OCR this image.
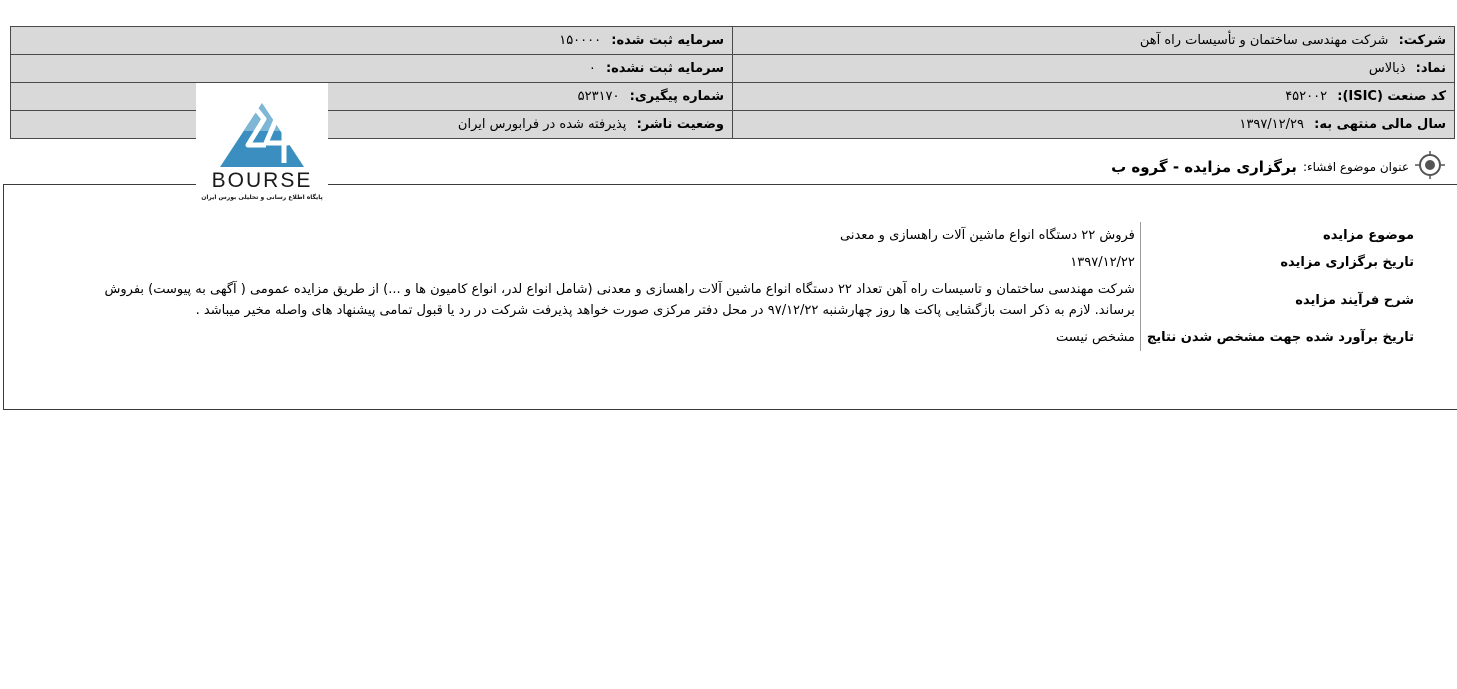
شرکت: شرکت مهندسی ساختمان و تأسیسات راه آهن	سرمایه ثبت شده: ۱۵۰۰۰۰
نماد: ذبالاس	سرمایه ثبت نشده: ۰
کد صنعت (ISIC): ۴۵۲۰۰۲	شماره پیگیری: ۵۲۳۱۷۰
سال مالی منتهی به: ۱۳۹۷/۱۲/۲۹	وضعیت ناشر: پذیرفته شده در فرابورس ایران
BOURSE
پایگاه اطلاع رسانی و تحلیلی بورس ایران
عنوان موضوع افشاء:
برگزاری مزایده - گروه ب
موضوع مزایده	فروش ۲۲ دستگاه انواع ماشین آلات راهسازی و معدنی
تاریخ برگزاری مزایده	۱۳۹۷/۱۲/۲۲
شرح فرآیند مزایده	شرکت مهندسی ساختمان و تاسیسات راه آهن تعداد ۲۲ دستگاه انواع ماشین آلات راهسازی و معدنی (شامل انواع لدر، انواع کامیون ها و ...) از طریق مزایده عمومی ( آگهی به پیوست) بفروش برساند. لازم به ذکر است بازگشایی پاکت ها روز چهارشنبه ۹۷/۱۲/۲۲ در محل دفتر مرکزی صورت خواهد پذیرفت شرکت در رد یا قبول تمامی پیشنهاد های واصله مخیر میباشد .
تاریخ برآورد شده جهت مشخص شدن نتایج	مشخص نیست
